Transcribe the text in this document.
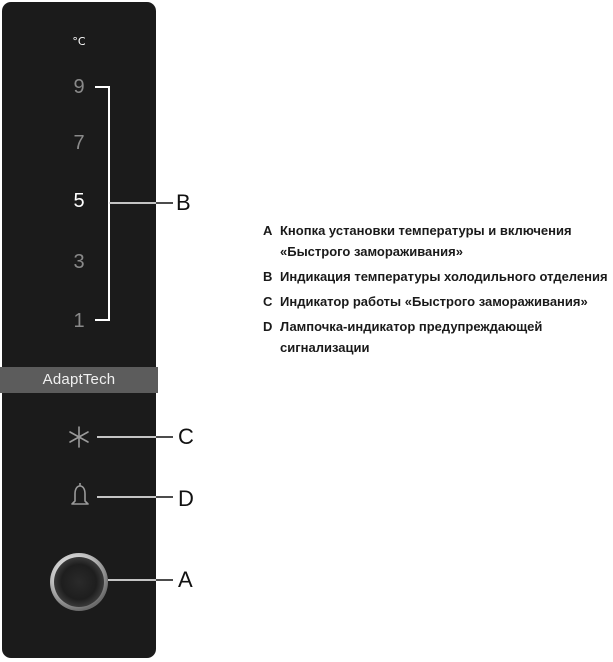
°C
9
7
5
3
1
AdaptTech
B
C
D
A
A Кнопка установки температуры и включения «Быстрого замораживания»
B Индикация температуры холодильного отделения
C Индикатор работы «Быстрого замораживания»
D Лампочка-индикатор предупреждающей сигнализации
